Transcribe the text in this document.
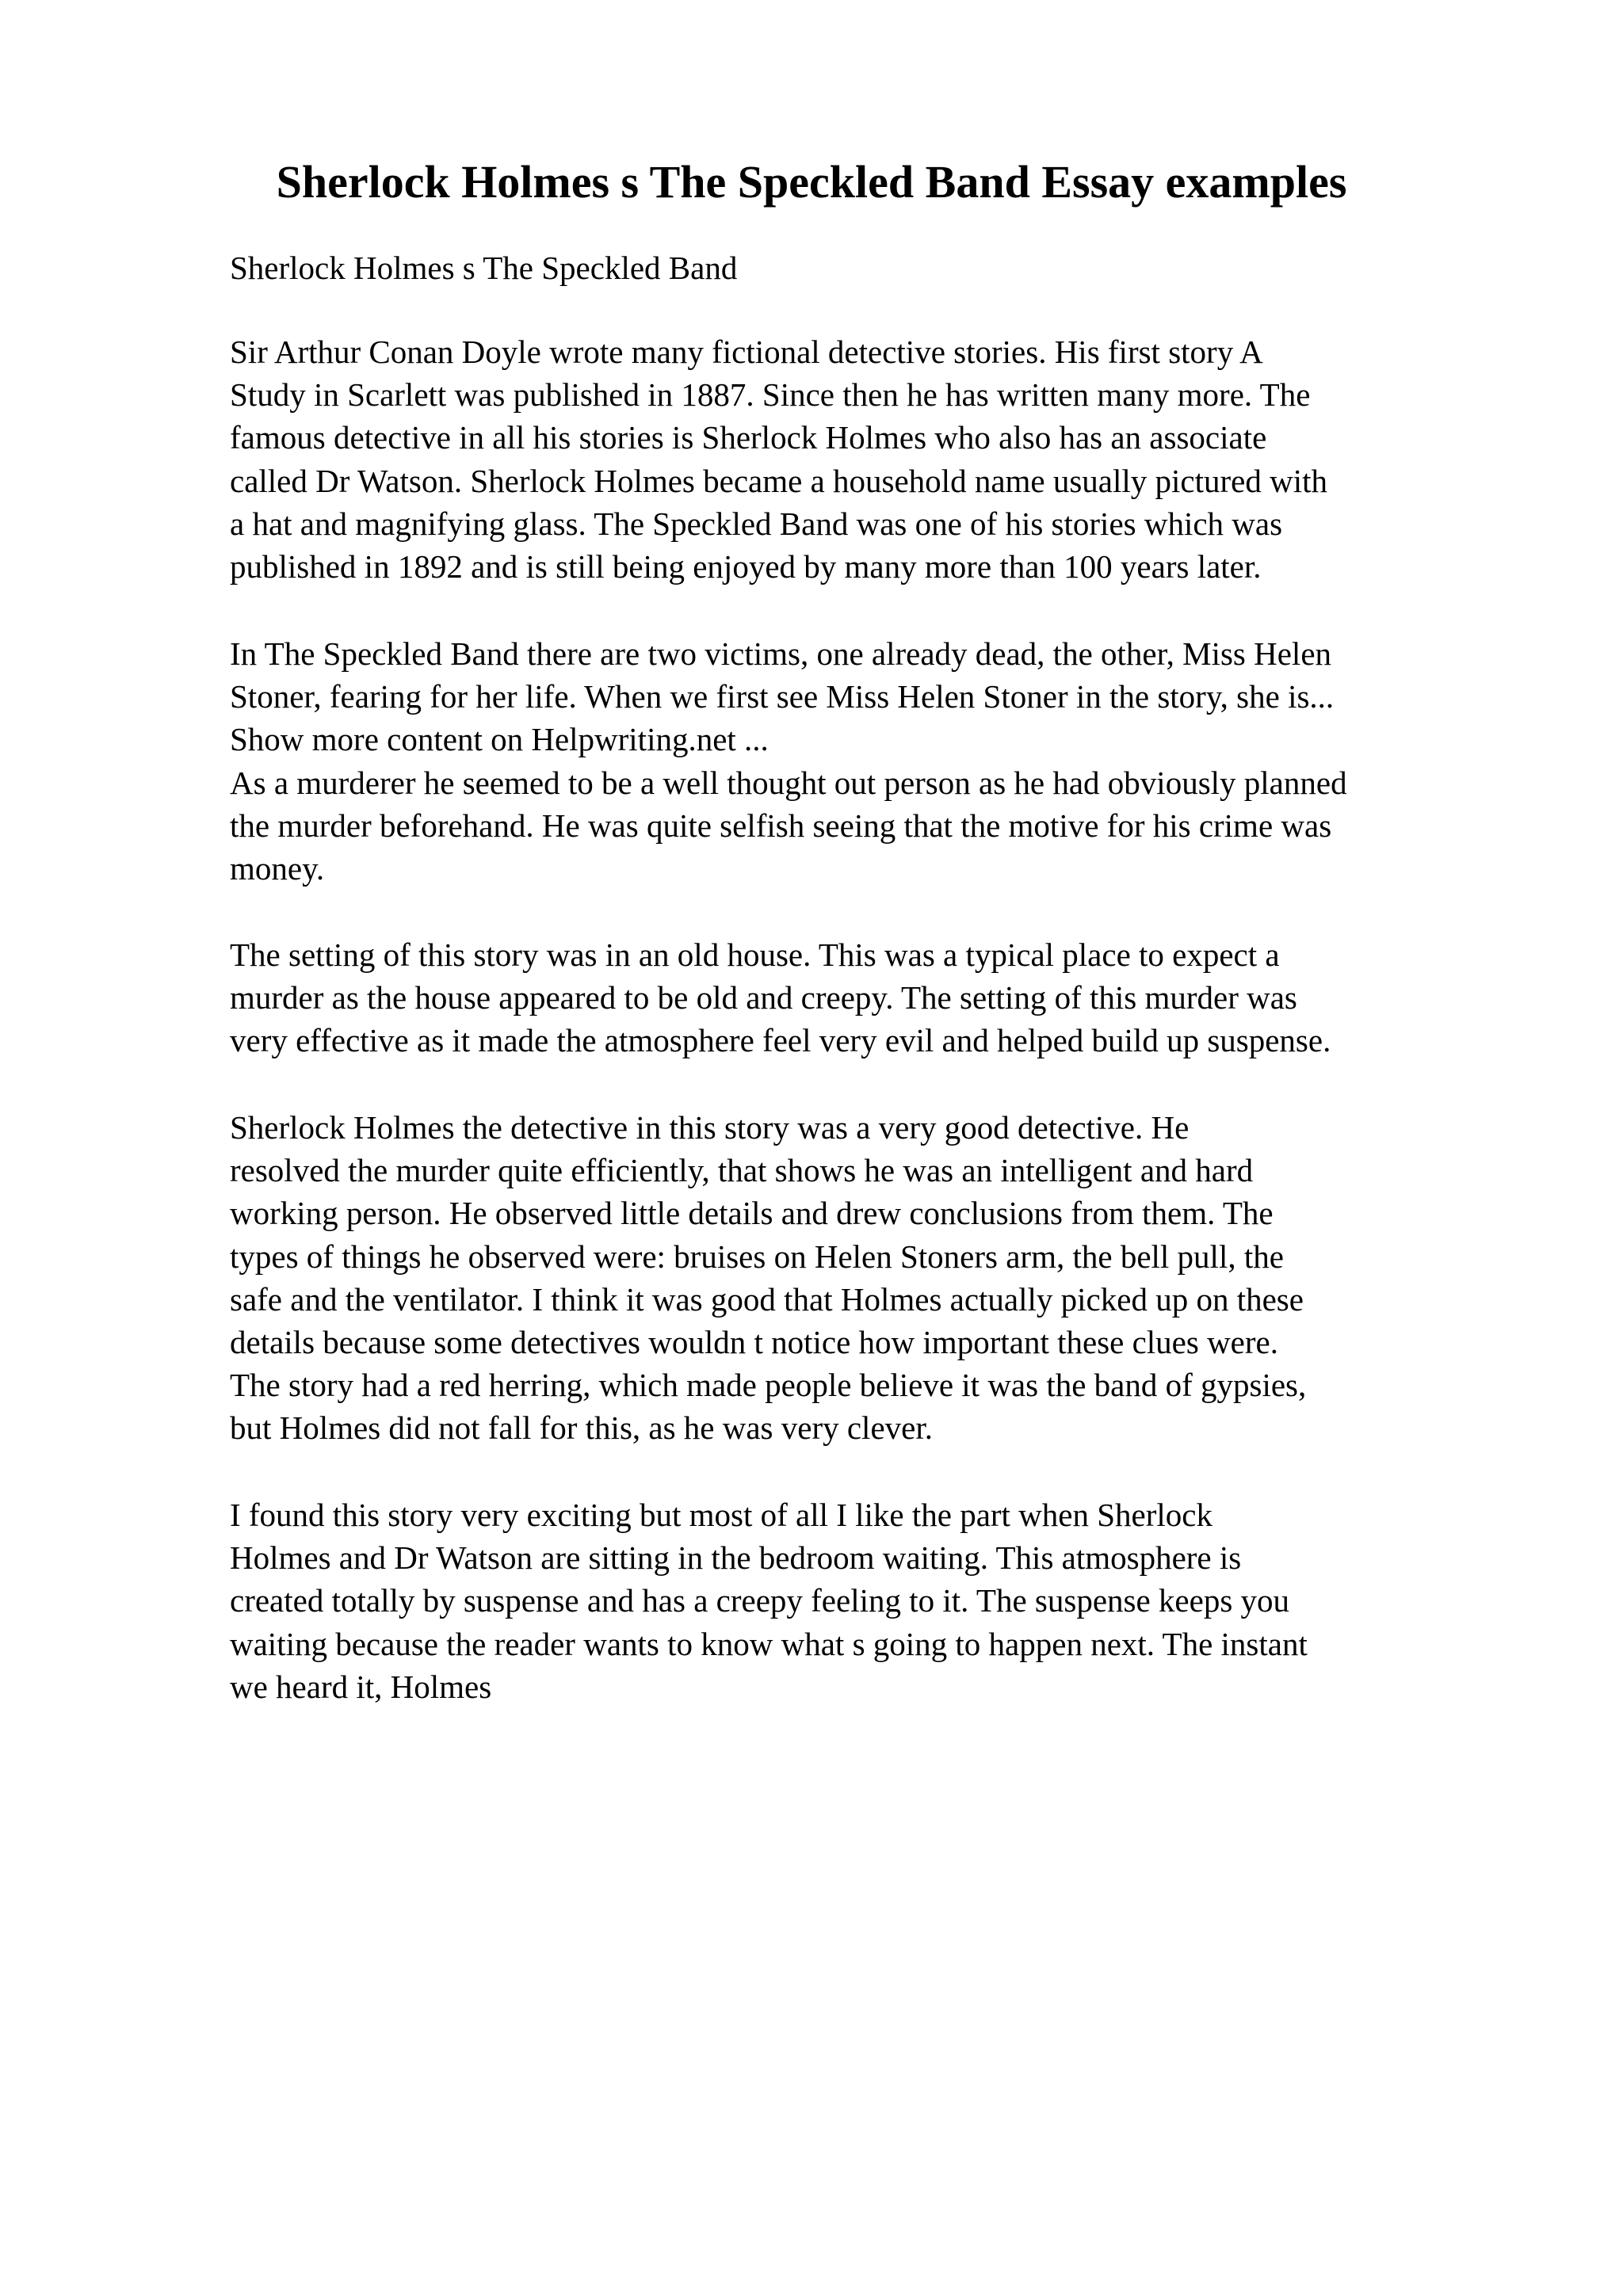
Sherlock Holmes s The Speckled Band Essay examples

Sherlock Holmes s The Speckled Band

Sir Arthur Conan Doyle wrote many fictional detective stories. His first story A
Study in Scarlett was published in 1887. Since then he has written many more. The
famous detective in all his stories is Sherlock Holmes who also has an associate
called Dr Watson. Sherlock Holmes became a household name usually pictured with
a hat and magnifying glass. The Speckled Band was one of his stories which was
published in 1892 and is still being enjoyed by many more than 100 years later.
In The Speckled Band there are two victims, one already dead, the other, Miss Helen
Stoner, fearing for her life. When we first see Miss Helen Stoner in the story, she is...
Show more content on Helpwriting.net ...
As a murderer he seemed to be a well thought out person as he had obviously planned
the murder beforehand. He was quite selfish seeing that the motive for his crime was
money.
The setting of this story was in an old house. This was a typical place to expect a
murder as the house appeared to be old and creepy. The setting of this murder was
very effective as it made the atmosphere feel very evil and helped build up suspense.
Sherlock Holmes the detective in this story was a very good detective. He
resolved the murder quite efficiently, that shows he was an intelligent and hard
working person. He observed little details and drew conclusions from them. The
types of things he observed were: bruises on Helen Stoners arm, the bell pull, the
safe and the ventilator. I think it was good that Holmes actually picked up on these
details because some detectives wouldn t notice how important these clues were.
The story had a red herring, which made people believe it was the band of gypsies,
but Holmes did not fall for this, as he was very clever.
I found this story very exciting but most of all I like the part when Sherlock
Holmes and Dr Watson are sitting in the bedroom waiting. This atmosphere is
created totally by suspense and has a creepy feeling to it. The suspense keeps you
waiting because the reader wants to know what s going to happen next. The instant
we heard it, Holmes
